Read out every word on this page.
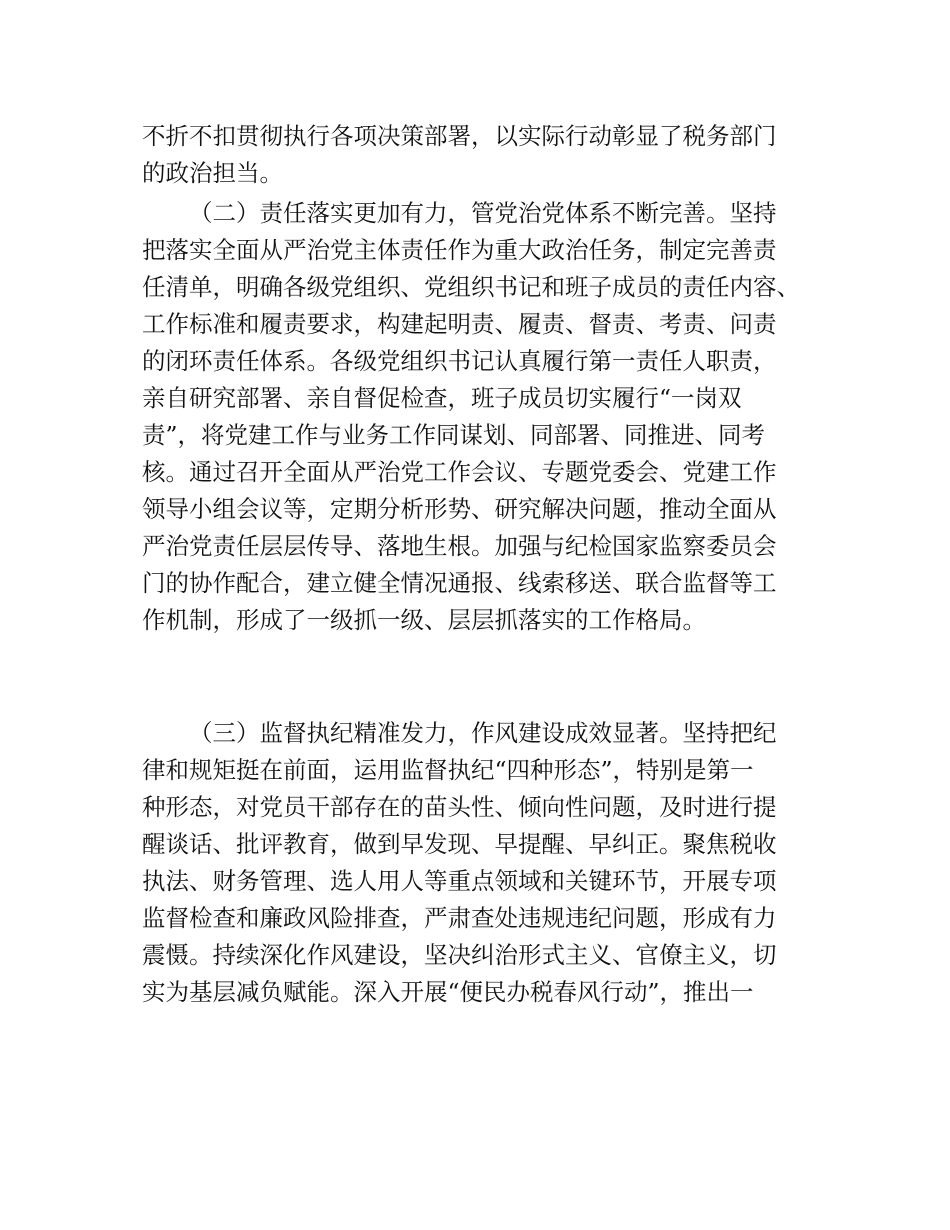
不折不扣贯彻执行各项决策部署，以实际行动彰显了税务部门
的政治担当。
（二）责任落实更加有力，管党治党体系不断完善。坚持
把落实全面从严治党主体责任作为重大政治任务，制定完善责
任清单，明确各级党组织、党组织书记和班子成员的责任内容、
工作标准和履责要求，构建起明责、履责、督责、考责、问责
的闭环责任体系。各级党组织书记认真履行第一责任人职责，
亲自研究部署、亲自督促检查，班子成员切实履行“一岗双
责”，将党建工作与业务工作同谋划、同部署、同推进、同考
核。通过召开全面从严治党工作会议、专题党委会、党建工作
领导小组会议等，定期分析形势、研究解决问题，推动全面从
严治党责任层层传导、落地生根。加强与纪检国家监察委员会
门的协作配合，建立健全情况通报、线索移送、联合监督等工
作机制，形成了一级抓一级、层层抓落实的工作格局。
（三）监督执纪精准发力，作风建设成效显著。坚持把纪
律和规矩挺在前面，运用监督执纪“四种形态”，特别是第一
种形态，对党员干部存在的苗头性、倾向性问题，及时进行提
醒谈话、批评教育，做到早发现、早提醒、早纠正。聚焦税收
执法、财务管理、选人用人等重点领域和关键环节，开展专项
监督检查和廉政风险排查，严肃查处违规违纪问题，形成有力
震慑。持续深化作风建设，坚决纠治形式主义、官僚主义，切
实为基层减负赋能。深入开展“便民办税春风行动”，推出一
